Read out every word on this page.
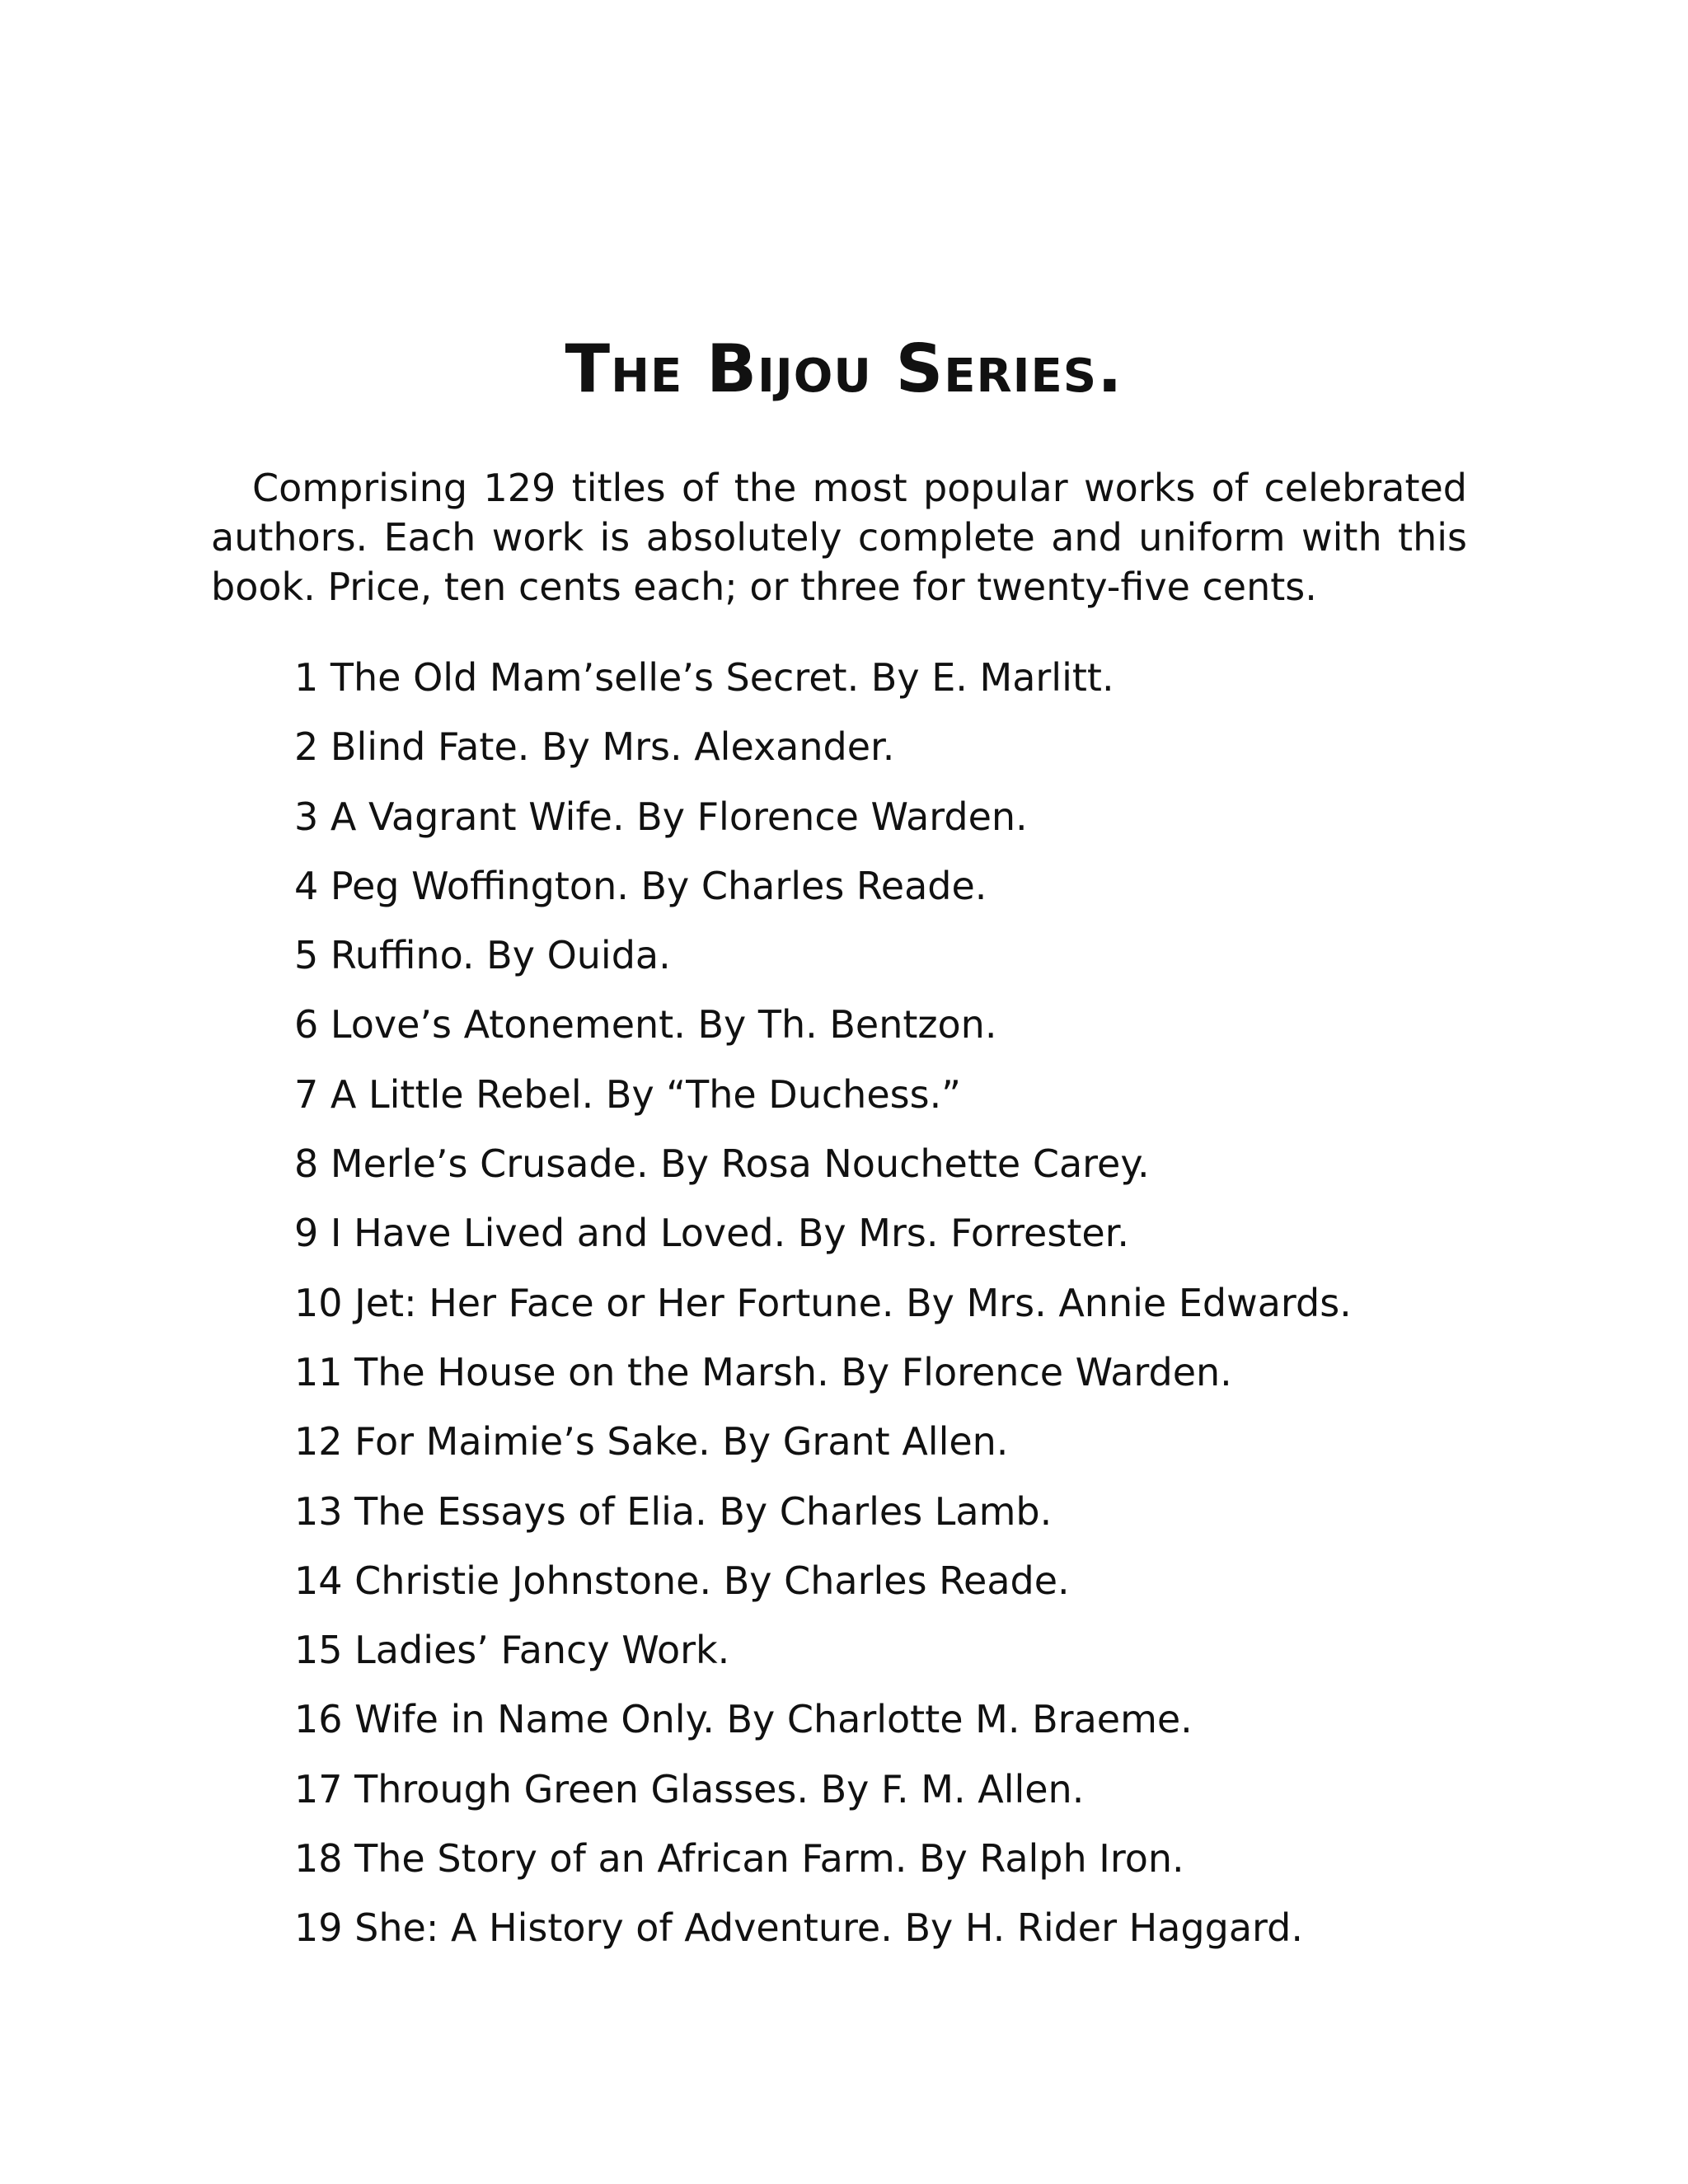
The Bijou Series.

Comprising 129 titles of the most popular works of celebrated authors. Each work is absolutely complete and uniform with this book. Price, ten cents each; or three for twenty-five cents.

1 The Old Mam’selle’s Secret. By E. Marlitt.
2 Blind Fate. By Mrs. Alexander.
3 A Vagrant Wife. By Florence Warden.
4 Peg Woffington. By Charles Reade.
5 Ruffino. By Ouida.
6 Love’s Atonement. By Th. Bentzon.
7 A Little Rebel. By “The Duchess.”
8 Merle’s Crusade. By Rosa Nouchette Carey.
9 I Have Lived and Loved. By Mrs. Forrester.
10 Jet: Her Face or Her Fortune. By Mrs. Annie Edwards.
11 The House on the Marsh. By Florence Warden.
12 For Maimie’s Sake. By Grant Allen.
13 The Essays of Elia. By Charles Lamb.
14 Christie Johnstone. By Charles Reade.
15 Ladies’ Fancy Work.
16 Wife in Name Only. By Charlotte M. Braeme.
17 Through Green Glasses. By F. M. Allen.
18 The Story of an African Farm. By Ralph Iron.
19 She: A History of Adventure. By H. Rider Haggard.
